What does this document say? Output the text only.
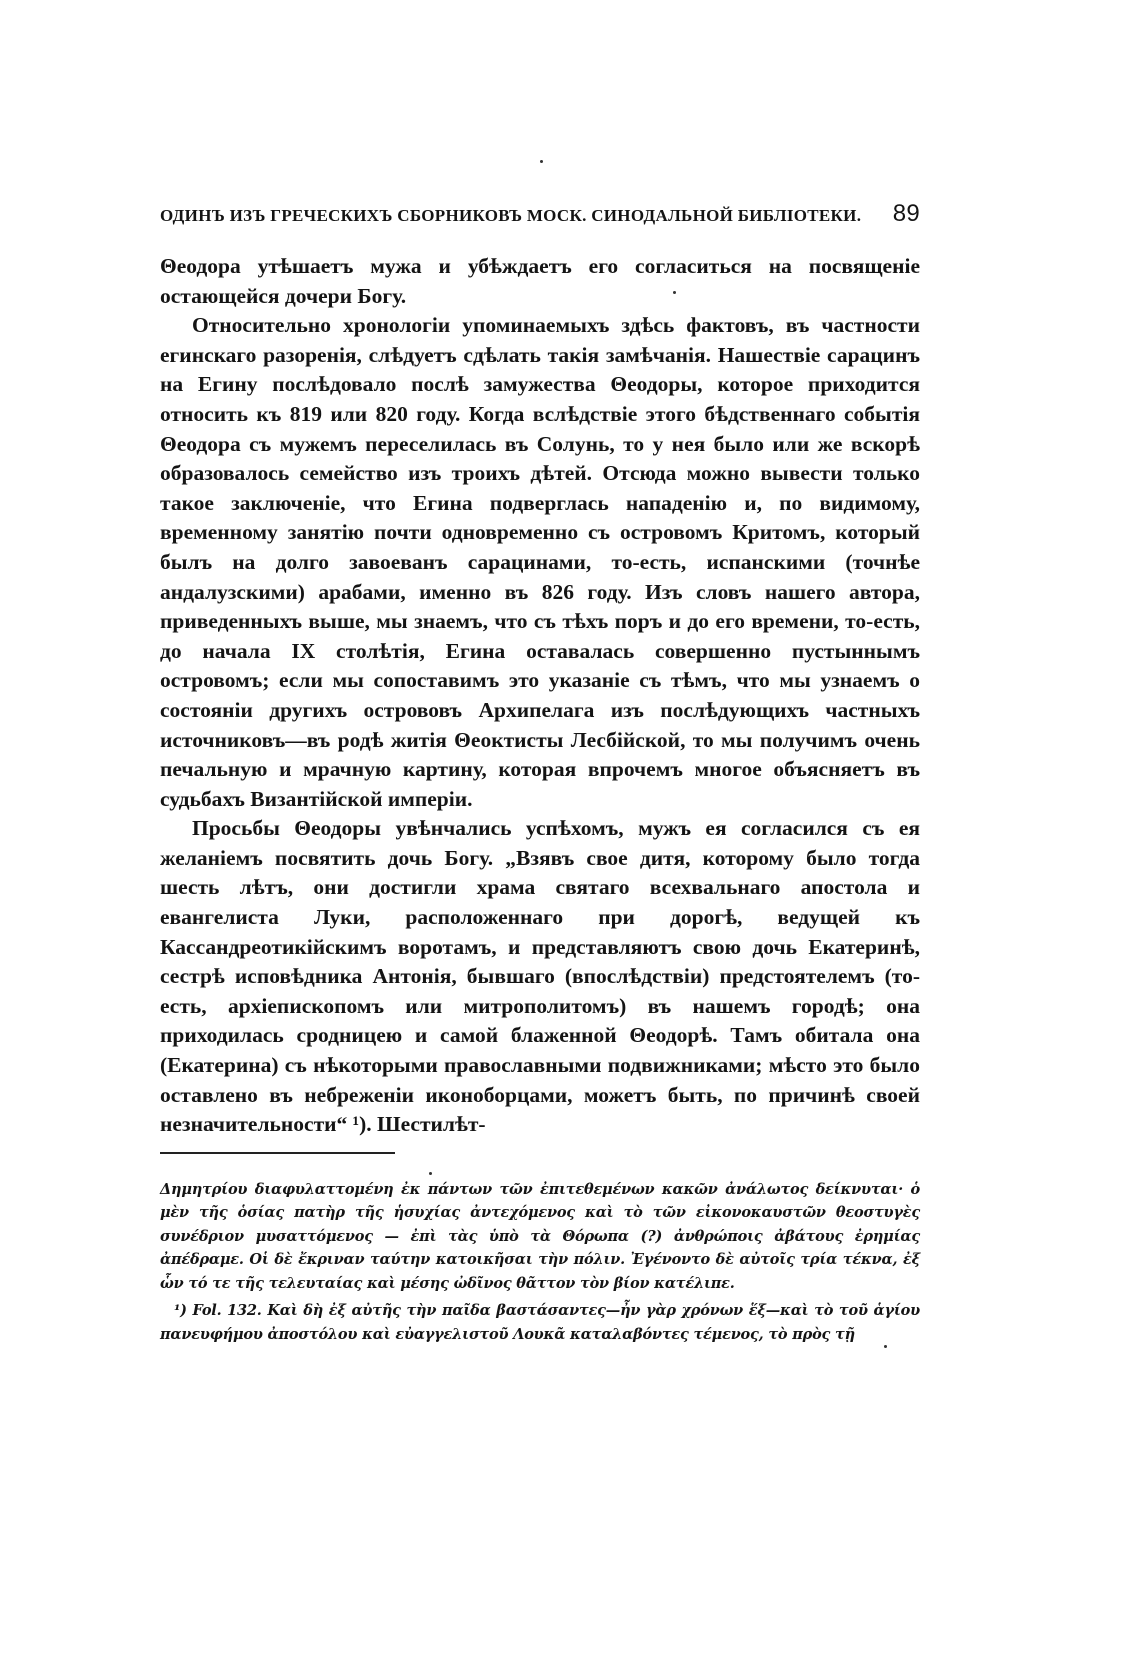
ОДИНЪ ИЗЪ ГРЕЧЕСКИХЪ СБОРНИКОВЪ МОСК. СИНОДАЛЬНОЙ БИБЛІОТЕКИ. 89

Θеодора утѣшаетъ мужа и убѣждаетъ его согласиться на посвященіе остающейся дочери Богу.

Относительно хронологіи упоминаемыхъ здѣсь фактовъ, въ частности егинскаго разоренія, слѣдуетъ сдѣлать такія замѣчанія. Нашествіе сарацинъ на Егину послѣдовало послѣ замужества Θеодоры, которое приходится относить къ 819 или 820 году. Когда вслѣдствіе этого бѣдственнаго событія Θеодора съ мужемъ переселилась въ Солунь, то у нея было или же вскорѣ образовалось семейство изъ троихъ дѣтей. Отсюда можно вывести только такое заключеніе, что Егина подверглась нападенію и, по видимому, временному занятію почти одновременно съ островомъ Критомъ, который былъ на долго завоеванъ сарацинами, то-есть, испанскими (точнѣе андалузскими) арабами, именно въ 826 году. Изъ словъ нашего автора, приведенныхъ выше, мы знаемъ, что съ тѣхъ поръ и до его времени, то-есть, до начала IX столѣтія, Егина оставалась совершенно пустыннымъ островомъ; если мы сопоставимъ это указаніе съ тѣмъ, что мы узнаемъ о состояніи другихъ острововъ Архипелага изъ послѣдующихъ частныхъ источниковъ—въ родѣ житія Θеоктисты Лесбійской, то мы получимъ очень печальную и мрачную картину, которая впрочемъ многое объясняетъ въ судьбахъ Византійской имперіи.

Просьбы Θеодоры увѣнчались успѣхомъ, мужъ ея согласился съ ея желаніемъ посвятить дочь Богу. „Взявъ свое дитя, которому было тогда шесть лѣтъ, они достигли храма святаго всехвальнаго апостола и евангелиста Луки, расположеннаго при дорогѣ, ведущей къ Кассандреотикійскимъ воротамъ, и представляютъ свою дочь Екатеринѣ, сестрѣ исповѣдника Антонія, бывшаго (впослѣдствіи) предстоятелемъ (то-есть, архіепископомъ или митрополитомъ) въ нашемъ городѣ; она приходилась сродницею и самой блаженной Θеодорѣ. Тамъ обитала она (Екатерина) съ нѣкоторыми православными подвижниками; мѣсто это было оставлено въ небреженіи иконоборцами, можетъ быть, по причинѣ своей незначительности“ ¹). Шестилѣт-

Δημητρίου διαφυλαττομένη ἐκ πάντων τῶν ἐπιτεθεμένων κακῶν ἀνάλωτος δείκνυται· ὁ μὲν τῆς ὁσίας πατὴρ τῆς ἡσυχίας ἀντεχόμενος καὶ τὸ τῶν εἰκονοκαυστῶν θεοστυγὲς συνέδριον μυσαττόμενος — ἐπὶ τὰς ὑπὸ τὰ Θόρωπα (?) ἀνθρώποις ἀβάτους ἐρημίας ἀπέδραμε. Οἱ δὲ ἔκριναν ταύτην κατοικῆσαι τὴν πόλιν. Ἐγένοντο δὲ αὐτοῖς τρία τέκνα, ἐξ ὧν τό τε τῆς τελευταίας καὶ μέσης ὠδῖνος θᾶττον τὸν βίον κατέλιπε.

¹) Fol. 132. Καὶ δὴ ἐξ αὐτῆς τὴν παῖδα βαστάσαντες—ἦν γὰρ χρόνων ἕξ—καὶ τὸ τοῦ ἁγίου πανευφήμου ἀποστόλου καὶ εὐαγγελιστοῦ Λουκᾶ καταλαβόντες τέμενος, τὸ πρὸς τῇ
